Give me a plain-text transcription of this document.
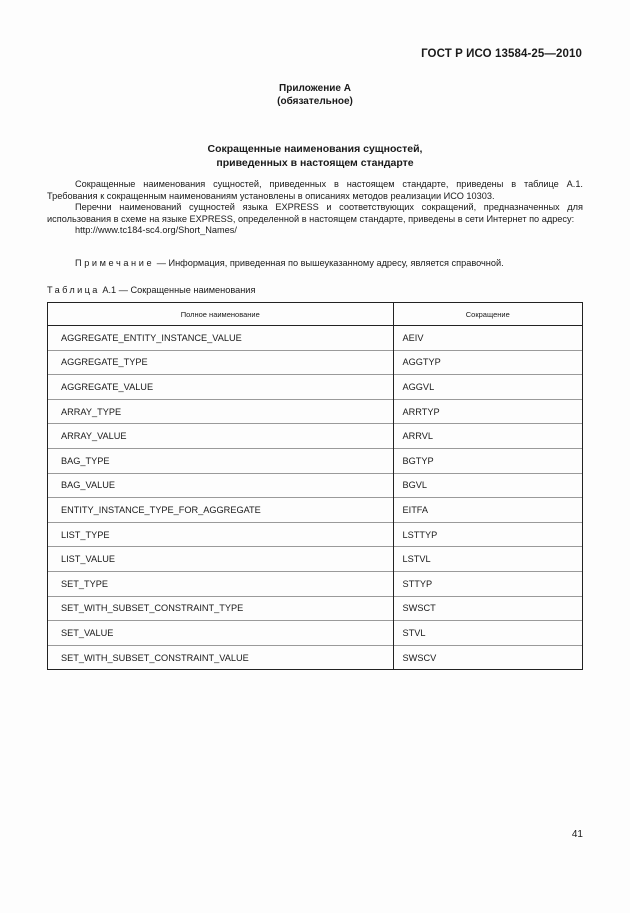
ГОСТ Р ИСО 13584-25—2010
Приложение А
(обязательное)
Сокращенные наименования сущностей,
приведенных в настоящем стандарте

Сокращенные наименования сущностей, приведенных в настоящем стандарте, приведены в таблице А.1. Требования к сокращенным наименованиям установлены в описаниях методов реализации ИСО 10303.

Перечни наименований сущностей языка EXPRESS и соответствующих сокращений, предназначенных для использования в схеме на языке EXPRESS, определенной в настоящем стандарте, приведены в сети Интернет по адресу:

http://www.tc184-sc4.org/Short_Names/

Примечание — Информация, приведенная по вышеуказанному адресу, является справочной.
Таблица А.1 — Сокращенные наименования
Полное наименование	Сокращение
AGGREGATE_ENTITY_INSTANCE_VALUE	AEIV
AGGREGATE_TYPE	AGGTYP
AGGREGATE_VALUE	AGGVL
ARRAY_TYPE	ARRTYP
ARRAY_VALUE	ARRVL
BAG_TYPE	BGTYP
BAG_VALUE	BGVL
ENTITY_INSTANCE_TYPE_FOR_AGGREGATE	EITFA
LIST_TYPE	LSTTYP
LIST_VALUE	LSTVL
SET_TYPE	STTYP
SET_WITH_SUBSET_CONSTRAINT_TYPE	SWSCT
SET_VALUE	STVL
SET_WITH_SUBSET_CONSTRAINT_VALUE	SWSCV
41
